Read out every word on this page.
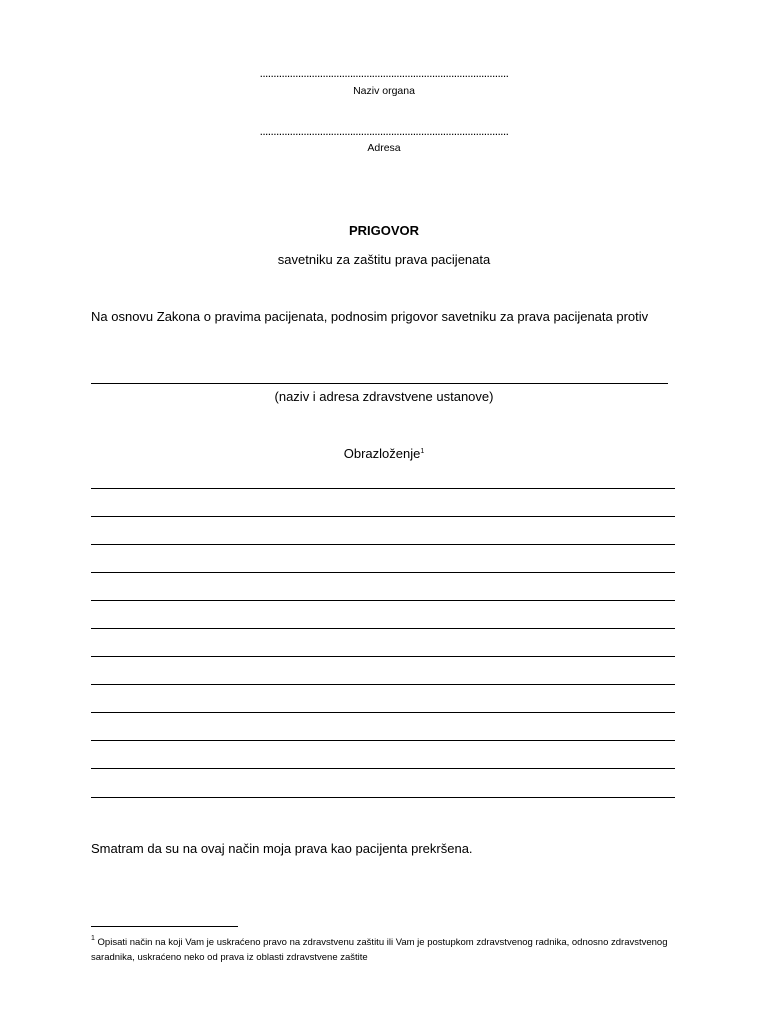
...........................................................................................
Naziv organa
...........................................................................................
Adresa
PRIGOVOR
savetniku za zaštitu prava pacijenata
Na osnovu Zakona o pravima pacijenata, podnosim prigovor savetniku za prava pacijenata protiv
(naziv i adresa zdravstvene ustanove)
Obrazloženje$^1$
Smatram da su na ovaj način moja prava kao pacijenta prekršena.
$^1$ Opisati način na koji Vam je uskraćeno pravo na zdravstvenu zaštitu ili Vam je postupkom zdravstvenog radnika, odnosno zdravstvenog saradnika, uskraćeno neko od prava iz oblasti zdravstvene zaštite
